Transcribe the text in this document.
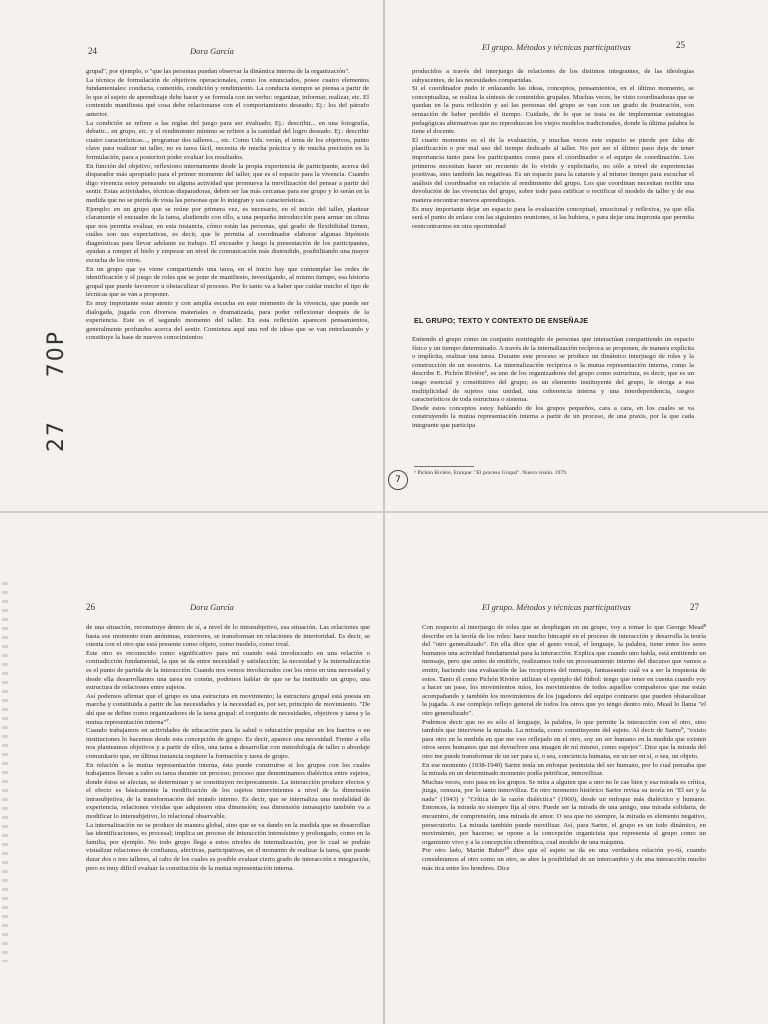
24	Dora García

grupal", por ejemplo, o "que las personas puedan observar la dinámica interna de la organización".

La técnica de formulación de objetivos operacionales, como los enunciados, posee cuatro elementos fundamentales: conducta, contenido, condición y rendimiento. La conducta siempre se piensa a partir de lo que el sujeto de aprendizaje debe hacer y se formula con un verbo: organizar, informar, realizar, etc. El contenido manifiesta qué cosa debe relacionarse con el comportamiento deseado; Ej.: los del párrafo anterior.

La condición se refiere a las reglas del juego para ser evaluado; Ej.: describir... en una fotografía, debatir... en grupo, etc. y el rendimiento mínimo se refiere a la cantidad del logro deseado. Ej.: describir cuatro características..., programar dos talleres..., etc. Como Uds. verán, el tema de los objetivos, punto clave para realizar un taller, no es tarea fácil, necesita de mucha práctica y de mucha precisión en la formulación, para a posteriori poder evaluar los resultados.

En función del objetivo, reflexiono internamente desde la propia experiencia de participante, acerca del disparador más apropiado para el primer momento del taller, que es el espacio para la vivencia. Cuando digo vivencia estoy pensando en alguna actividad que promueva la movilización del pensar a partir del sentir. Estas actividades, técnicas disparadoras, deben ser las más cercanas para ese grupo y lo serán en la medida que no se pierda de vista las personas que lo integran y sus características.

Ejemplo: en un grupo que se reúne por primera vez, es necesario, en el inicio del taller, plantear claramente el encuadre de la tarea, aludiendo con ello, a una pequeña introducción para armar un clima que nos permita evaluar, en esta instancia, cómo están las personas, qué grado de flexibilidad tienen, cuáles son sus expectativas, es decir, que le permita al coordinador elaborar algunas hipótesis diagnósticas para llevar adelante su trabajo. El encuadre y luego la presentación de los participantes, ayudan a romper el hielo y empezar un nivel de comunicación más distendido, posibilitando una mayor escucha de los otros.

En un grupo que ya viene compartiendo una tarea, en el inicio hay que contemplar las redes de identificación y el juego de roles que se pone de manifiesto, investigando, al mismo tiempo, esa historia grupal que puede favorecer u obstaculizar el proceso. Por lo tanto va a haber que cuidar mucho el tipo de técnicas que se van a proponer.

Es muy importante estar atento y con amplia escucha en este momento de la vivencia, que puede ser dialogada, jugada con diversos materiales o dramatizada, para poder reflexionar después de la experiencia. Este es el segundo momento del taller. En esta reflexión aparecen pensamientos, generalmente profundos acerca del sentir. Comienza aquí una red de ideas que se van entrelazando y constituye la base de nuevos conocimientos

El grupo. Métodos y técnicas participativas	25

producidos a través del interjuego de relaciones de los distintos integrantes, de las ideologías subyacentes, de las necesidades compartidas.

Si el coordinador pudo ir enlazando las ideas, conceptos, pensamientos, en el último momento, se conceptualiza, se realiza la síntesis de contenidos grupales. Muchas veces, he visto coordinadoras que se quedan en la pura reflexión y así las personas del grupo se van con un grado de frustración, con sensación de haber perdido el tiempo. Cuidado, de lo que se trata es de implementar estrategias pedagógicas alternativas que no reproduzcan los viejos modelos tradicionales, donde la última palabra la tiene el docente.

El cuarto momento es el de la evaluación, y muchas veces este espacio se pierde por falta de planificación o por mal uso del tiempo dedicado al taller. No por ser el último paso deja de tener importancia tanto para los participantes como para el coordinador o el equipo de coordinación. Los primeros necesitan hacer un recuento de lo vivido y explicitarlo, no sólo a nivel de experiencias positivas, sino también las negativas. Es un espacio para la catarsis y al mismo tiempo para escuchar el análisis del coordinador en relación al rendimiento del grupo. Los que coordinan necesitan recibir una devolución de las vivencias del grupo, sobre todo para ratificar o rectificar el modelo de taller y de esa manera encontrar nuevos aprendizajes.

Es muy importante dejar un espacio para la evaluación conceptual, emocional y reflexiva, ya que ella será el punto de enlace con las siguientes reuniones, si las hubiera, o para dejar una impronta que permita reencontrarnos en otra oportunidad

EL GRUPO; TEXTO Y CONTEXTO DE ENSEÑAJE

Entiendo el grupo como un conjunto restringido de personas que interactúan compartiendo un espacio físico y un tiempo determinado. A través de la internalización recíproca se proponen, de manera explícita o implícita, realizar una tarea. Durante este proceso se produce un dinámico interjuego de roles y la construcción de un nosotros. La internalización recíproca o la mutua representación interna, como la describe E. Pichón Rivière⁶, es uno de los organizadores del grupo como estructura, es decir, que es un rasgo esencial y constitutivo del grupo; es un elemento instituyente del grupo, le otorga a esa multiplicidad de sujetos una unidad, una coherencia interna y una interdependencia, rasgos característicos de toda estructura o sistema.

Desde estos conceptos estoy hablando de los grupos pequeños, cara a cara, en los cuales se va construyendo la mutua representación interna a partir de un proceso, de una praxis, por la que cada integrante que participa

⁶ Pichón Rivière, Enrique: "El proceso Grupal". Nueva visión. 1979.
7
26	Dora García

de una situación, reconstruye dentro de sí, a nivel de lo intrasubjetivo, esa situación. Las relaciones que hasta ese momento eran anónimas, exteriores, se transforman en relaciones de interioridad. Es decir, se cuenta con el otro que está presente como objeto, como modelo, como rival.

Este otro es reconocido como significativo para mí cuando está involucrado en una relación o contradicción fundamental, la que se da entre necesidad y satisfacción; la necesidad y la internalización es el punto de partida de la interacción. Cuando nos vemos involucrados con los otros en una necesidad y desde ella desarrollamos una tarea en común, podemos hablar de que se ha instituido un grupo, una estructura de relaciones entre sujetos.

Así podemos afirmar que el grupo es una estructura en movimiento; la estructura grupal está puesta en marcha y constituida a partir de las necesidades y la necesidad es, por ser, principio de movimiento. "De ahí que se define como organizadores de la tarea grupal: el conjunto de necesidades, objetivos y tarea y la mutua representación interna"⁷.

Cuando trabajamos en actividades de educación para la salud o educación popular en los barrios o en instituciones lo hacemos desde esta concepción de grupo. Es decir, aparece una necesidad. Frente a ella nos planteamos objetivos y a partir de ellos, una tarea a desarrollar con metodología de taller o abordaje comunitario que, en última instancia requiere la formación y tarea de grupo.

En relación a la mutua representación interna, ésta puede construirse si los grupos con los cuales trabajamos llevan a cabo su tarea durante un proceso; proceso que denominamos dialéctica entre sujetos, donde éstos se afectan, se determinan y se constituyen recíprocamente. La interacción produce efectos y el efecto es básicamente la modificación de los sujetos intervinientes a nivel de la dimensión intrasubjetiva, de la transformación del mundo interno. Es decir, que se internaliza una modalidad de experiencia, relaciones vividas que adquieren otra dimensión; esa dimensión intrasujeto también va a modificar lo intersubjetivo, lo relacional observable.

La internalización no se produce de manera global, sino que se va dando en la medida que se desarrollan las identificaciones, es procesal; implica un proceso de interacción intensísimo y prolongado, como en la familia, por ejemplo. No todo grupo llega a estos niveles de internalización, por lo cual se podrán visualizar relaciones de confianza, afectivas, participativas, en el momento de realizar la tarea, que puede durar dos o tres talleres, al cabo de los cuales es posible evaluar cierto grado de interacción e integración, pero es muy difícil evaluar la constitución de la mutua representación interna.

El grupo. Métodos y técnicas participativas	27

Con respecto al interjuego de roles que se despliegan en un grupo, voy a tomar lo que George Mead⁸ describe en la teoría de los roles: hace mucho hincapié en el proceso de interacción y desarrolla la teoría del "otro generalizado". En ella dice que el gesto vocal, el lenguaje, la palabra, tiene entre los seres humanos una actividad fundamental para la interacción. Explica que cuando uno habla, está emitiendo un mensaje, pero que antes de emitirlo, realizamos todo un procesamiento interno del discurso que vamos a emitir, haciendo una evaluación de las receptores del mensaje, fantaseando cuál va a ser la respuesta de estos. Tanto él como Pichón Rivière utilizan el ejemplo del fútbol: tengo que tener en cuenta cuando voy a hacer un pase, los movimientos míos, los movimientos de todos aquellos compañeros que me están acompañando y también los movimientos de los jugadores del equipo contrario que pueden obstaculizar la jugada. A ese complejo reflejo general de todos los otros que yo tengo dentro mío, Mead lo llama "el otro generalizado".

Podemos decir que no es sólo el lenguaje, la palabra, lo que permite la interacción con el otro, sino también que interviene la mirada. La mirada, como constituyente del sujeto. Al decir de Sartre⁹, "existo para otro en la medida en que me veo reflejado en el otro, soy un ser humano en la medida que existen otros seres humanos que me devuelven una imagen de mí mismo, como espejos". Dice que la mirada del otro me puede transformar de un ser para sí, o sea, conciencia humana, en un ser en sí, o sea, un objeto.

En ese momento (1938-1940) Sartre tenía un enfoque pesimista del ser humano, por lo cual pensaba que la mirada en un determinado momento podía petrificar, inmovilizar.

Muchas veces, esto pasa en los grupos. Se mira a alguien que a uno no le cae bien y esa mirada es crítica, juzga, censura, por lo tanto inmoviliza. En otro momento histórico Sartre revisa su teoría en "El ser y la nada" (1943) y "Crítica de la razón dialéctica" (1960), desde un enfoque más dialéctico y humano. Entonces, la mirada no siempre fija al otro. Puede ser la mirada de una amigo, una mirada solidaria, de encuentro, de comprensión, una mirada de amor. O sea que no siempre, la mirada es elemento negativo, persecutorio. La mirada también puede movilizar. Así, para Sartre, el grupo es un todo dinámico, en movimiento, por hacerse; se opone a la concepción organicista que representa al grupo como un organismo vivo y a la concepción cibernética, cual modelo de una máquina.

Por otro lado, Martín Buber¹⁰ dice que el sujeto se da en una verdadera relación yo-tú, cuando consideramos al otro como un otro, se abre la posibilidad de un intercambio y de una interacción mucho más rica entre los hombres. Dice

70P
27
